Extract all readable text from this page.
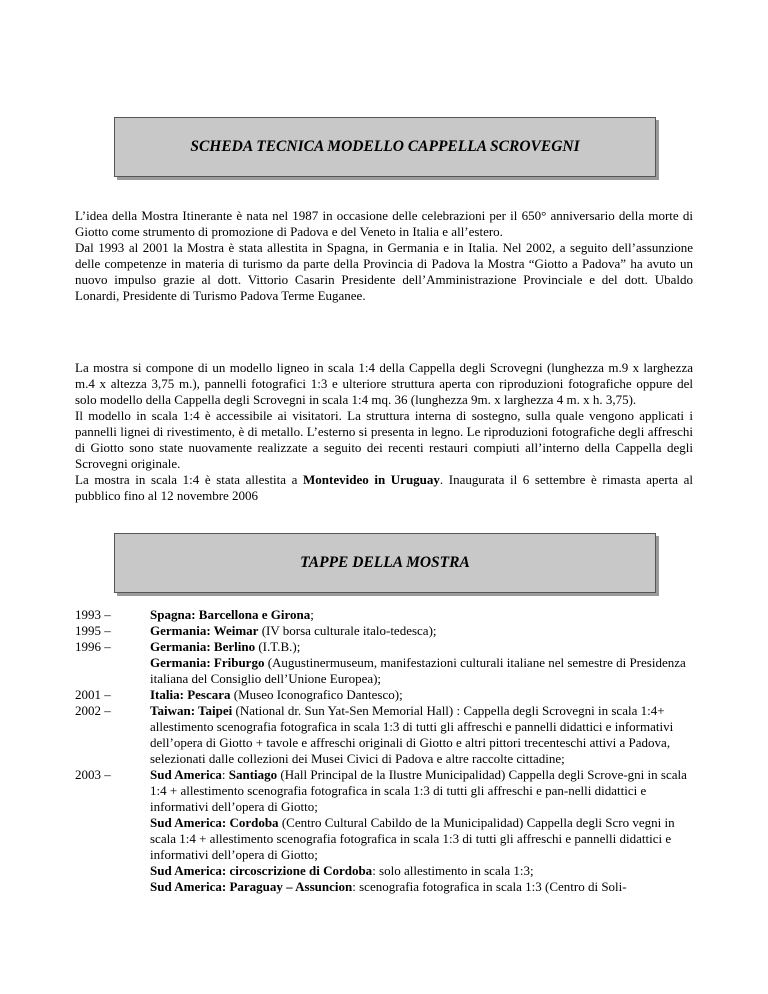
SCHEDA TECNICA MODELLO CAPPELLA SCROVEGNI
L’idea della Mostra Itinerante è nata nel 1987 in occasione delle celebrazioni per il 650° anniversario della morte di Giotto come strumento di promozione di Padova e del Veneto in Italia e all’estero.
Dal 1993 al 2001 la Mostra è stata allestita in Spagna, in Germania e in Italia. Nel 2002, a seguito dell’assunzione delle competenze in materia di turismo da parte della Provincia di Padova la Mostra “Giotto a Padova” ha avuto un nuovo impulso grazie al dott. Vittorio Casarin Presidente dell’Amministrazione Provinciale e del dott. Ubaldo Lonardi, Presidente di Turismo Padova Terme Euganee.
La mostra si compone di un modello ligneo in scala 1:4 della Cappella degli Scrovegni (lunghezza m.9 x larghezza m.4 x altezza 3,75 m.), pannelli fotografici 1:3 e ulteriore struttura aperta con riproduzioni fotografiche oppure del solo modello della Cappella degli Scrovegni in scala 1:4 mq. 36 (lunghezza 9m. x larghezza 4 m. x h. 3,75).
Il modello in scala 1:4 è accessibile ai visitatori. La struttura interna di sostegno, sulla quale vengono applicati i pannelli lignei di rivestimento, è di metallo. L’esterno si presenta in legno. Le riproduzioni fotografiche degli affreschi di Giotto sono state nuovamente realizzate a seguito dei recenti restauri compiuti all’interno della Cappella degli Scrovegni originale.
La mostra in scala 1:4 è stata allestita a Montevideo in Uruguay. Inaugurata il 6 settembre è rimasta aperta al pubblico fino al 12 novembre 2006
TAPPE DELLA MOSTRA
1993 –	Spagna: Barcellona e Girona;
1995 –	Germania: Weimar (IV borsa culturale italo-tedesca);
1996 –	Germania: Berlino (I.T.B.);
Germania: Friburgo (Augustinermuseum, manifestazioni culturali italiane nel semestre di Presidenza italiana del Consiglio dell’Unione Europea);
2001 –	Italia: Pescara (Museo Iconografico Dantesco);
2002 –	Taiwan: Taipei (National dr. Sun Yat-Sen Memorial Hall) : Cappella degli Scrovegni in scala 1:4+ allestimento scenografia fotografica in scala 1:3 di tutti gli affreschi e pannelli didattici e informativi dell’opera di Giotto + tavole e affreschi originali di Giotto e altri pittori trecenteschi attivi a Padova, selezionati dalle collezioni dei Musei Civici di Padova e altre raccolte cittadine;
2003 –	Sud America: Santiago (Hall Principal de la Ilustre Municipalidad) Cappella degli Scrove-gni in scala 1:4 + allestimento scenografia fotografica in scala 1:3 di tutti gli affreschi e pan-nelli didattici e informativi dell’opera di Giotto;
Sud America: Cordoba (Centro Cultural Cabildo de la Municipalidad) Cappella degli Scro vegni in scala 1:4 + allestimento scenografia fotografica in scala 1:3 di tutti gli affreschi e pannelli didattici e informativi dell’opera di Giotto;
Sud America: circoscrizione di Cordoba: solo allestimento in scala 1:3;
Sud America: Paraguay – Assuncion: scenografia fotografica in scala 1:3 (Centro di Soli-
